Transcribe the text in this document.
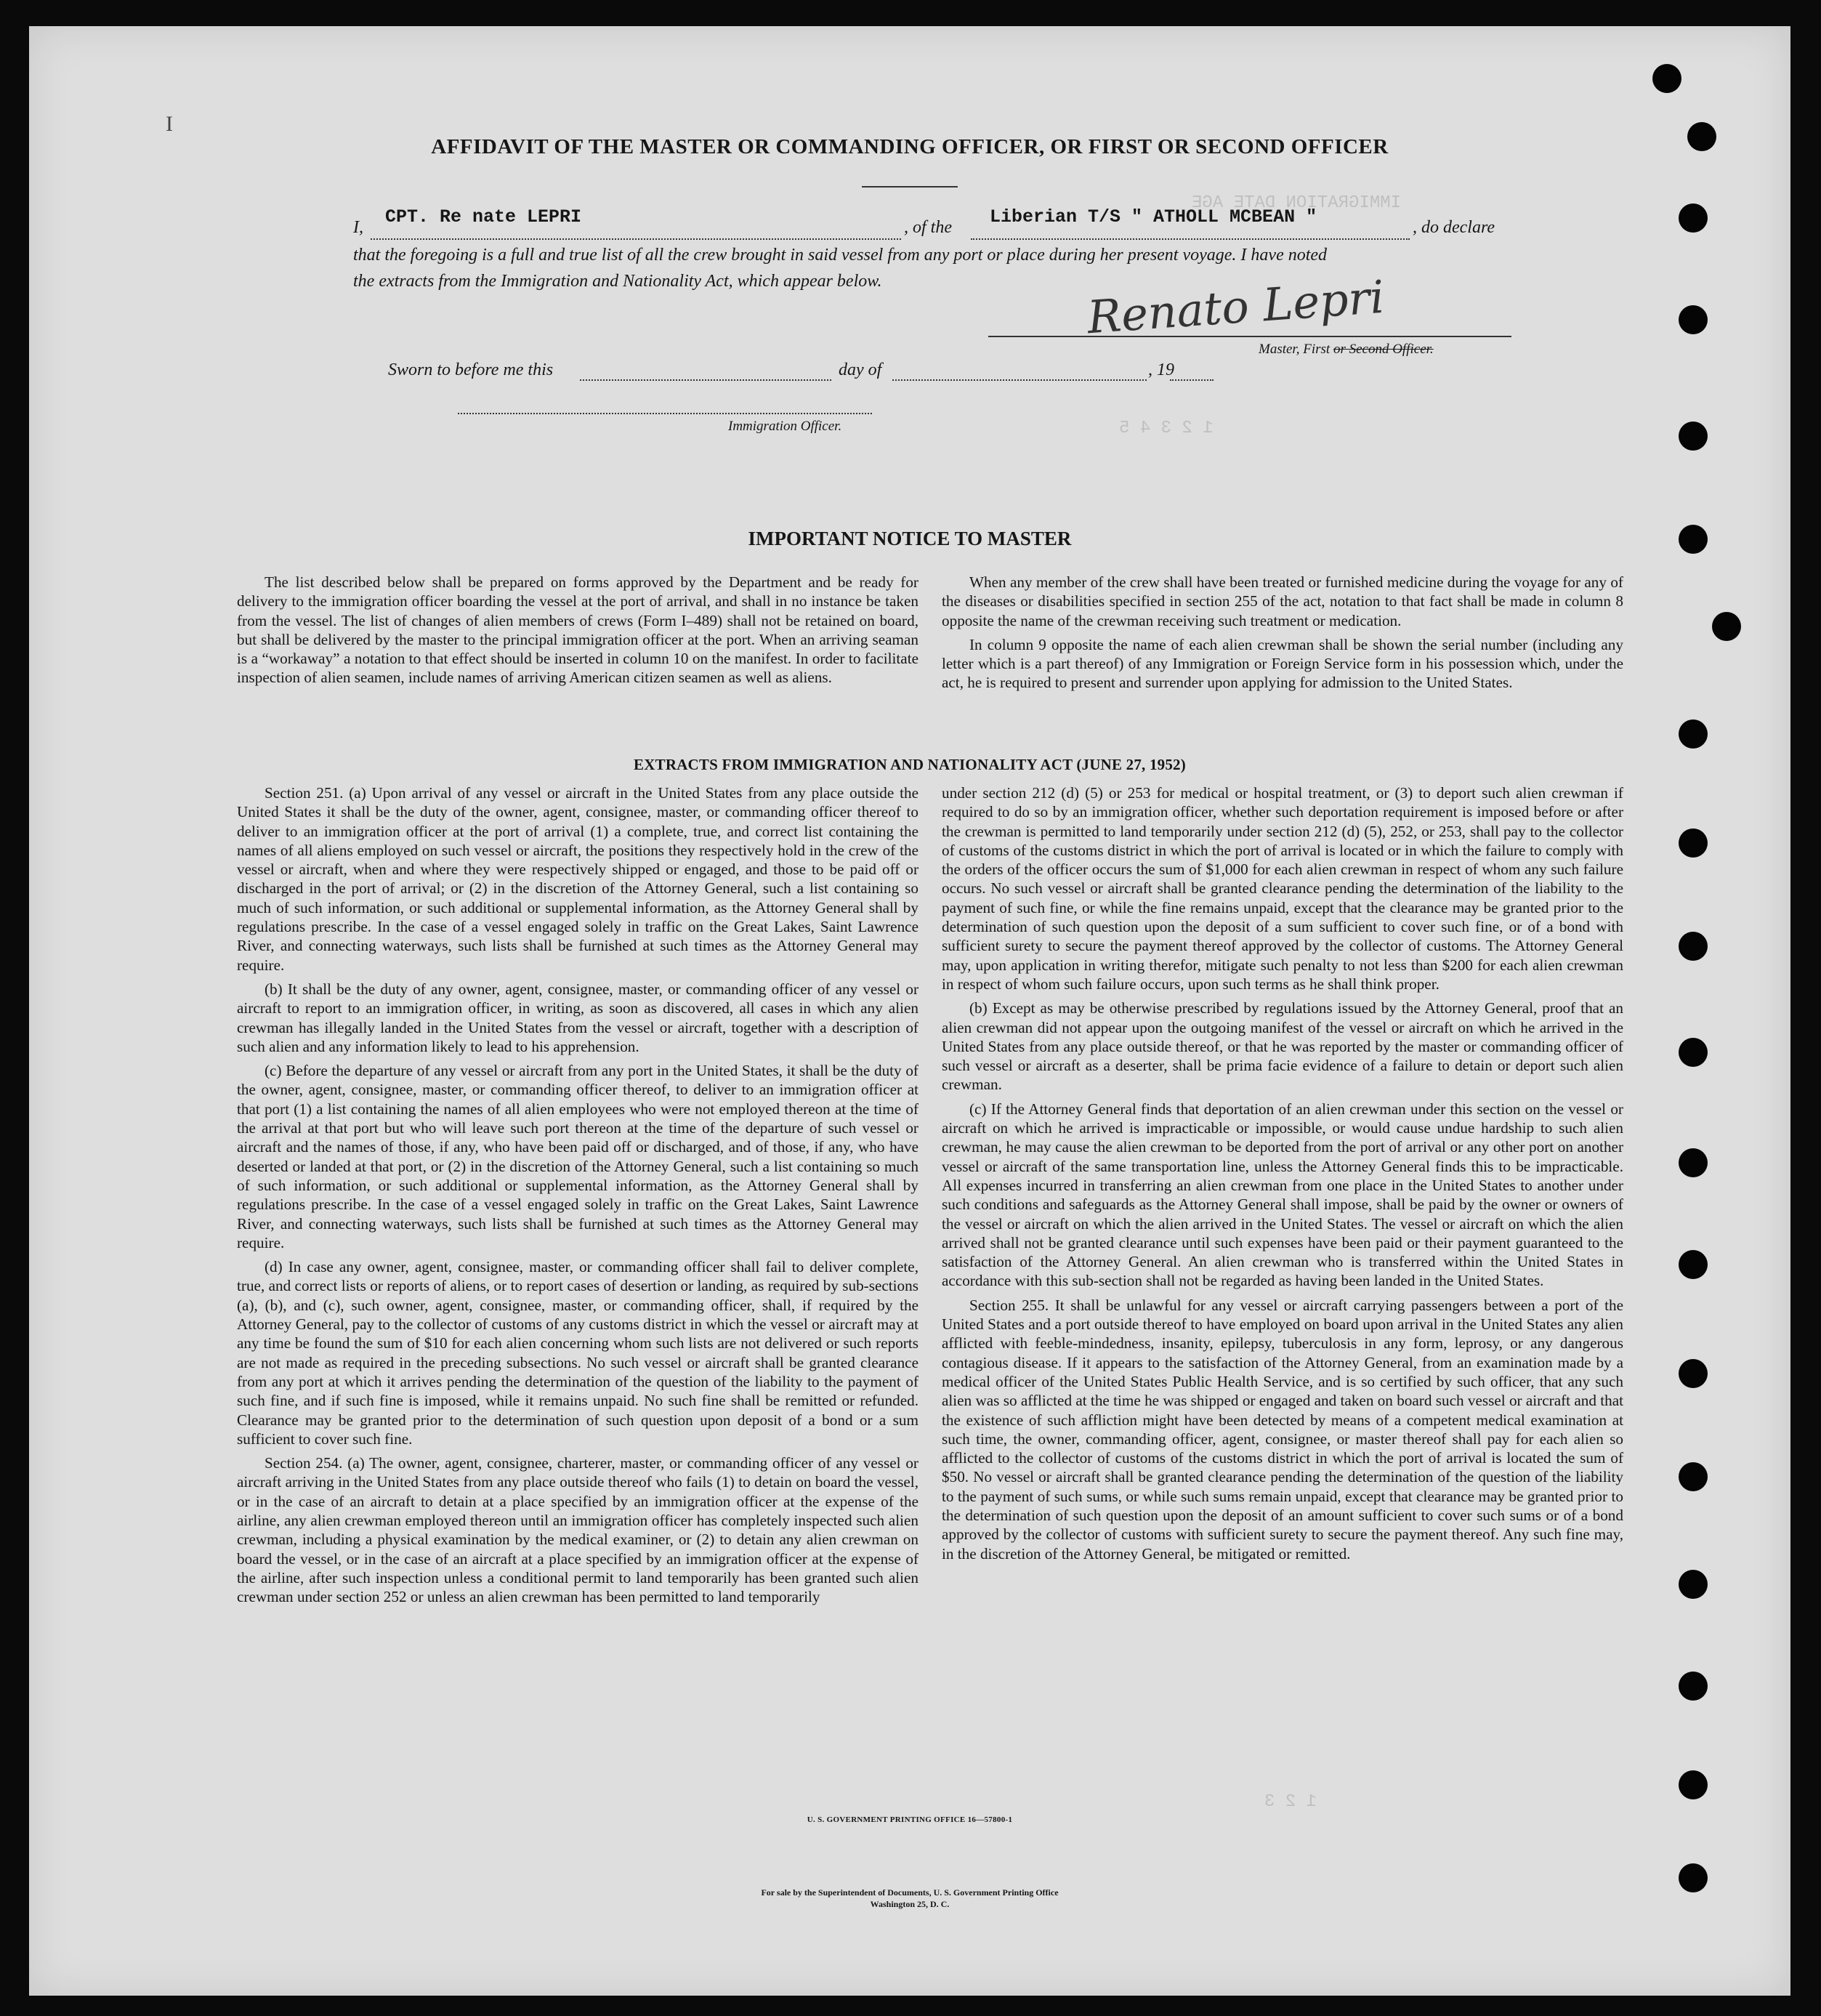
IMMIGRATION DATE AGE
1 2 3 4 5
1 2 3
I
AFFIDAVIT OF THE MASTER OR COMMANDING OFFICER, OR FIRST OR SECOND OFFICER
I, CPT. Re nate LEPRI	, of the Liberian T/S " ATHOLL MCBEAN "	, do declare
that the foregoing is a full and true list of all the crew brought in said vessel from any port or place during her present voyage. I have noted
the extracts from the Immigration and Nationality Act, which appear below.	Renato Lepri
Master, First or Second Officer.
Sworn to before me this	day of	, 19
Immigration Officer.
IMPORTANT NOTICE TO MASTER

The list described below shall be prepared on forms approved by the Department and be ready for delivery to the immigration officer boarding the vessel at the port of arrival, and shall in no instance be taken from the vessel. The list of changes of alien members of crews (Form I–489) shall not be retained on board, but shall be delivered by the master to the principal immigration officer at the port. When an arriving seaman is a “workaway” a notation to that effect should be inserted in column 10 on the manifest. In order to facilitate inspection of alien seamen, include names of arriving American citizen seamen as well as aliens.

When any member of the crew shall have been treated or furnished medicine during the voyage for any of the diseases or disabilities specified in section 255 of the act, notation to that fact shall be made in column 8 opposite the name of the crewman receiving such treatment or medication.

In column 9 opposite the name of each alien crewman shall be shown the serial number (including any letter which is a part thereof) of any Immigration or Foreign Service form in his possession which, under the act, he is required to present and surrender upon applying for admission to the United States.

EXTRACTS FROM IMMIGRATION AND NATIONALITY ACT (JUNE 27, 1952)

Section 251. (a) Upon arrival of any vessel or aircraft in the United States from any place outside the United States it shall be the duty of the owner, agent, consignee, master, or commanding officer thereof to deliver to an immigration officer at the port of arrival (1) a complete, true, and correct list containing the names of all aliens employed on such vessel or aircraft, the positions they respectively hold in the crew of the vessel or aircraft, when and where they were respectively shipped or engaged, and those to be paid off or discharged in the port of arrival; or (2) in the discretion of the Attorney General, such a list containing so much of such information, or such additional or supplemental information, as the Attorney General shall by regulations prescribe. In the case of a vessel engaged solely in traffic on the Great Lakes, Saint Lawrence River, and connecting waterways, such lists shall be furnished at such times as the Attorney General may require.

(b) It shall be the duty of any owner, agent, consignee, master, or commanding officer of any vessel or aircraft to report to an immigration officer, in writing, as soon as discovered, all cases in which any alien crewman has illegally landed in the United States from the vessel or aircraft, together with a description of such alien and any information likely to lead to his apprehension.

(c) Before the departure of any vessel or aircraft from any port in the United States, it shall be the duty of the owner, agent, consignee, master, or commanding officer thereof, to deliver to an immigration officer at that port (1) a list containing the names of all alien employees who were not employed thereon at the time of the arrival at that port but who will leave such port thereon at the time of the departure of such vessel or aircraft and the names of those, if any, who have been paid off or discharged, and of those, if any, who have deserted or landed at that port, or (2) in the discretion of the Attorney General, such a list containing so much of such information, or such additional or supplemental information, as the Attorney General shall by regulations prescribe. In the case of a vessel engaged solely in traffic on the Great Lakes, Saint Lawrence River, and connecting waterways, such lists shall be furnished at such times as the Attorney General may require.

(d) In case any owner, agent, consignee, master, or commanding officer shall fail to deliver complete, true, and correct lists or reports of aliens, or to report cases of desertion or landing, as required by sub-sections (a), (b), and (c), such owner, agent, consignee, master, or commanding officer, shall, if required by the Attorney General, pay to the collector of customs of any customs district in which the vessel or aircraft may at any time be found the sum of $10 for each alien concerning whom such lists are not delivered or such reports are not made as required in the preceding subsections. No such vessel or aircraft shall be granted clearance from any port at which it arrives pending the determination of the question of the liability to the payment of such fine, and if such fine is imposed, while it remains unpaid. No such fine shall be remitted or refunded. Clearance may be granted prior to the determination of such question upon deposit of a bond or a sum sufficient to cover such fine.

Section 254. (a) The owner, agent, consignee, charterer, master, or commanding officer of any vessel or aircraft arriving in the United States from any place outside thereof who fails (1) to detain on board the vessel, or in the case of an aircraft to detain at a place specified by an immigration officer at the expense of the airline, any alien crewman employed thereon until an immigration officer has completely inspected such alien crewman, including a physical examination by the medical examiner, or (2) to detain any alien crewman on board the vessel, or in the case of an aircraft at a place specified by an immigration officer at the expense of the airline, after such inspection unless a conditional permit to land temporarily has been granted such alien crewman under section 252 or unless an alien crewman has been permitted to land temporarily

under section 212 (d) (5) or 253 for medical or hospital treatment, or (3) to deport such alien crewman if required to do so by an immigration officer, whether such deportation requirement is imposed before or after the crewman is permitted to land temporarily under section 212 (d) (5), 252, or 253, shall pay to the collector of customs of the customs district in which the port of arrival is located or in which the failure to comply with the orders of the officer occurs the sum of $1,000 for each alien crewman in respect of whom any such failure occurs. No such vessel or aircraft shall be granted clearance pending the determination of the liability to the payment of such fine, or while the fine remains unpaid, except that the clearance may be granted prior to the determination of such question upon the deposit of a sum sufficient to cover such fine, or of a bond with sufficient surety to secure the payment thereof approved by the collector of customs. The Attorney General may, upon application in writing therefor, mitigate such penalty to not less than $200 for each alien crewman in respect of whom such failure occurs, upon such terms as he shall think proper.

(b) Except as may be otherwise prescribed by regulations issued by the Attorney General, proof that an alien crewman did not appear upon the outgoing manifest of the vessel or aircraft on which he arrived in the United States from any place outside thereof, or that he was reported by the master or commanding officer of such vessel or aircraft as a deserter, shall be prima facie evidence of a failure to detain or deport such alien crewman.

(c) If the Attorney General finds that deportation of an alien crewman under this section on the vessel or aircraft on which he arrived is impracticable or impossible, or would cause undue hardship to such alien crewman, he may cause the alien crewman to be deported from the port of arrival or any other port on another vessel or aircraft of the same transportation line, unless the Attorney General finds this to be impracticable. All expenses incurred in transferring an alien crewman from one place in the United States to another under such conditions and safeguards as the Attorney General shall impose, shall be paid by the owner or owners of the vessel or aircraft on which the alien arrived in the United States. The vessel or aircraft on which the alien arrived shall not be granted clearance until such expenses have been paid or their payment guaranteed to the satisfaction of the Attorney General. An alien crewman who is transferred within the United States in accordance with this sub-section shall not be regarded as having been landed in the United States.

Section 255. It shall be unlawful for any vessel or aircraft carrying passengers between a port of the United States and a port outside thereof to have employed on board upon arrival in the United States any alien afflicted with feeble-mindedness, insanity, epilepsy, tuberculosis in any form, leprosy, or any dangerous contagious disease. If it appears to the satisfaction of the Attorney General, from an examination made by a medical officer of the United States Public Health Service, and is so certified by such officer, that any such alien was so afflicted at the time he was shipped or engaged and taken on board such vessel or aircraft and that the existence of such affliction might have been detected by means of a competent medical examination at such time, the owner, commanding officer, agent, consignee, or master thereof shall pay for each alien so afflicted to the collector of customs of the customs district in which the port of arrival is located the sum of $50. No vessel or aircraft shall be granted clearance pending the determination of the question of the liability to the payment of such sums, or while such sums remain unpaid, except that clearance may be granted prior to the determination of such question upon the deposit of an amount sufficient to cover such sums or of a bond approved by the collector of customs with sufficient surety to secure the payment thereof. Any such fine may, in the discretion of the Attorney General, be mitigated or remitted.

U. S. GOVERNMENT PRINTING OFFICE 16—57800-1
For sale by the Superintendent of Documents, U. S. Government Printing Office
Washington 25, D. C.
